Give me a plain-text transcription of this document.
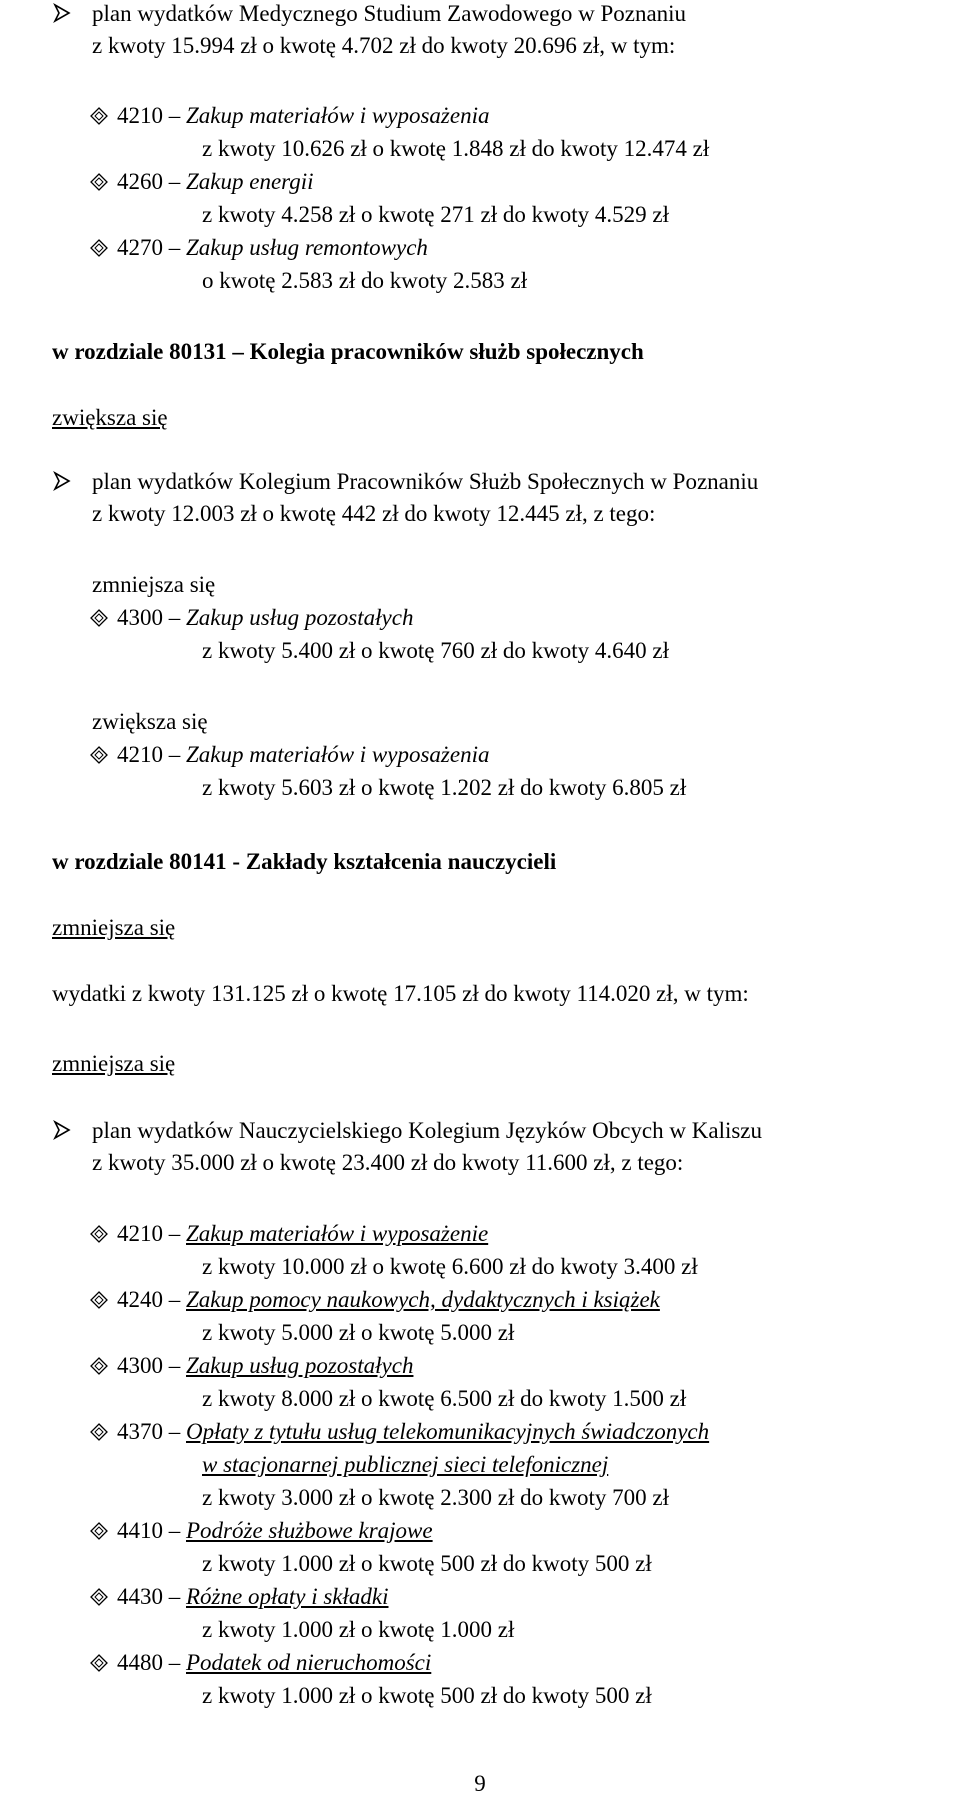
plan wydatków Medycznego Studium Zawodowego w Poznaniu
z kwoty 15.994 zł o kwotę 4.702 zł do kwoty 20.696 zł, w tym:
4210 – Zakup materiałów i wyposażenia
z kwoty 10.626 zł o kwotę 1.848 zł do kwoty 12.474 zł
4260 – Zakup energii
z kwoty 4.258 zł o kwotę 271 zł do kwoty 4.529 zł
4270 – Zakup usług remontowych
o kwotę 2.583 zł do kwoty 2.583 zł
w rozdziale 80131 – Kolegia pracowników służb społecznych
zwiększa się
plan wydatków Kolegium Pracowników Służb Społecznych w Poznaniu
z kwoty 12.003 zł o kwotę 442 zł do kwoty 12.445 zł, z tego:
zmniejsza się
4300 – Zakup usług pozostałych
z kwoty 5.400 zł o kwotę 760 zł do kwoty 4.640 zł
zwiększa się
4210 – Zakup materiałów i wyposażenia
z kwoty 5.603 zł o kwotę 1.202 zł do kwoty 6.805 zł
w rozdziale 80141 - Zakłady kształcenia nauczycieli
zmniejsza się
wydatki z kwoty 131.125 zł o kwotę 17.105 zł do kwoty 114.020 zł, w tym:
zmniejsza się
plan wydatków Nauczycielskiego Kolegium Języków Obcych w Kaliszu
z kwoty 35.000 zł o kwotę 23.400 zł do kwoty 11.600 zł, z tego:
4210 – Zakup materiałów i wyposażenie
z kwoty 10.000 zł o kwotę 6.600 zł do kwoty 3.400 zł
4240 – Zakup pomocy naukowych, dydaktycznych i książek
z kwoty 5.000 zł o kwotę 5.000 zł
4300 – Zakup usług pozostałych
z kwoty 8.000 zł o kwotę 6.500 zł do kwoty 1.500 zł
4370 – Opłaty z tytułu usług telekomunikacyjnych świadczonych
w stacjonarnej publicznej sieci telefonicznej
z kwoty 3.000 zł o kwotę 2.300 zł do kwoty 700 zł
4410 – Podróże służbowe krajowe
z kwoty 1.000 zł o kwotę 500 zł do kwoty 500 zł
4430 – Różne opłaty i składki
z kwoty 1.000 zł o kwotę 1.000 zł
4480 – Podatek od nieruchomości
z kwoty 1.000 zł o kwotę 500 zł do kwoty 500 zł
9
